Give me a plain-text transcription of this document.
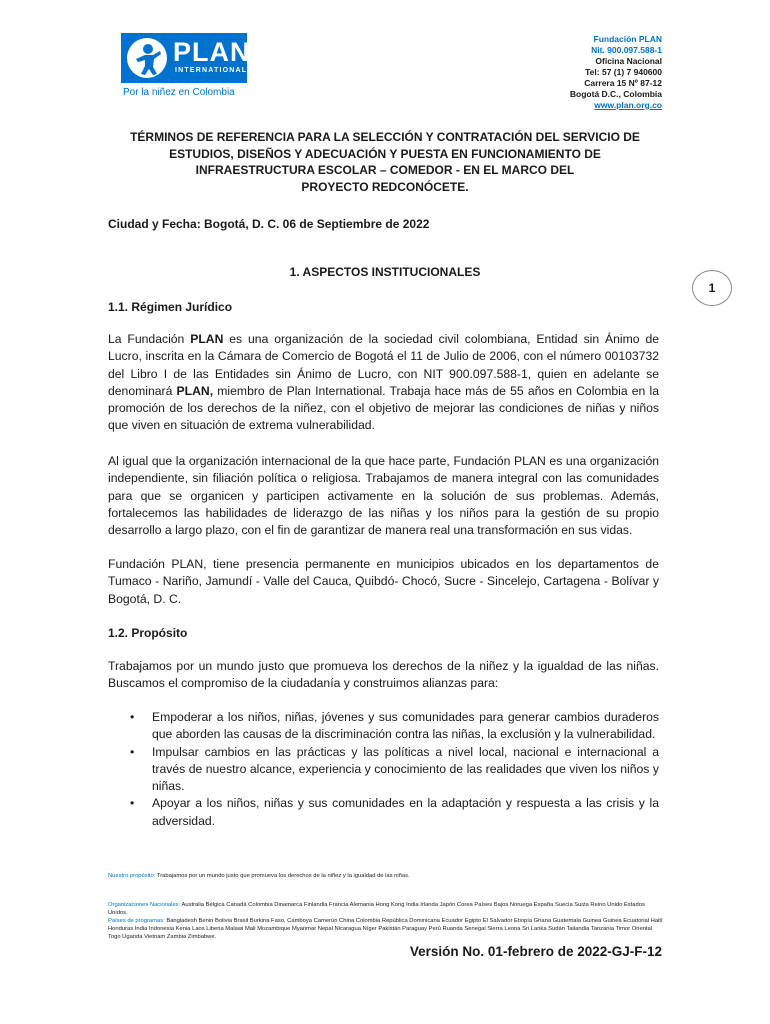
PLAN
INTERNATIONAL
Por la niñez en Colombia
Fundación PLAN
Nit. 900.097.588-1
Oficina Nacional
Tel: 57 (1) 7 940600
Carrera 15 Nº 87-12
Bogotá D.C., Colombia
www.plan.org.co
TÉRMINOS DE REFERENCIA PARA LA SELECCIÓN Y CONTRATACIÓN DEL SERVICIO DE
ESTUDIOS, DISEÑOS Y ADECUACIÓN Y PUESTA EN FUNCIONAMIENTO DE
INFRAESTRUCTURA ESCOLAR – COMEDOR - EN EL MARCO DEL
PROYECTO REDCONÓCETE.
Ciudad y Fecha: Bogotá, D. C. 06 de Septiembre de 2022
1. ASPECTOS INSTITUCIONALES
1
1.1. Régimen Jurídico
La Fundación PLAN es una organización de la sociedad civil colombiana, Entidad sin Ánimo de Lucro, inscrita en la Cámara de Comercio de Bogotá el 11 de Julio de 2006, con el número 00103732 del Libro I de las Entidades sin Ánimo de Lucro, con NIT 900.097.588-1, quien en adelante se denominará PLAN, miembro de Plan International. Trabaja hace más de 55 años en Colombia en la promoción de los derechos de la niñez, con el objetivo de mejorar las condiciones de niñas y niños que viven en situación de extrema vulnerabilidad.
Al igual que la organización internacional de la que hace parte, Fundación PLAN es una organización independiente, sin filiación política o religiosa. Trabajamos de manera integral con las comunidades para que se organicen y participen activamente en la solución de sus problemas. Además, fortalecemos las habilidades de liderazgo de las niñas y los niños para la gestión de su propio desarrollo a largo plazo, con el fin de garantizar de manera real una transformación en sus vidas.
Fundación PLAN, tiene presencia permanente en municipios ubicados en los departamentos de Tumaco - Nariño, Jamundí - Valle del Cauca, Quibdó- Chocó, Sucre - Sincelejo, Cartagena - Bolívar y Bogotá, D. C.
1.2. Propósito
Trabajamos por un mundo justo que promueva los derechos de la niñez y la igualdad de las niñas. Buscamos el compromiso de la ciudadanía y construimos alianzas para:
• Empoderar a los niños, niñas, jóvenes y sus comunidades para generar cambios duraderos que aborden las causas de la discriminación contra las niñas, la exclusión y la vulnerabilidad.
• Impulsar cambios en las prácticas y las políticas a nivel local, nacional e internacional a través de nuestro alcance, experiencia y conocimiento de las realidades que viven los niños y niñas.
• Apoyar a los niños, niñas y sus comunidades en la adaptación y respuesta a las crisis y la adversidad.
Nuestro propósito: Trabajamos por un mundo justo que promueva los derechos de la niñez y la igualdad de las niñas.
Organizaciones Nacionales: Australia Bélgica Canadá Colombia Dinamarca Finlandia Francia Alemania Hong Kong India Irlanda Japón Corea Países Bajos Noruega España Suecia Suiza Reino Unido Estados Unidos.
Países de programas: Bangladesh Benin Bolivia Brasil Burkina Faso, Camboya Camerún China Colombia República Dominicana Ecuador Egipto El Salvador Etiopía Ghana Guatemala Guinea Guinea Ecuatorial Haití Honduras India Indonesia Kenia Laos Liberia Malawi Mali Mozambique Myanmar Nepal Nicaragua Níger Pakistán Paraguay Perú Ruanda Senegal Sierra Leona Sri Lanka Sudán Tailandia Tanzania Timor Oriental Togo Uganda Vietnam Zambia Zimbabwe.
Versión No. 01-febrero de 2022-GJ-F-12
